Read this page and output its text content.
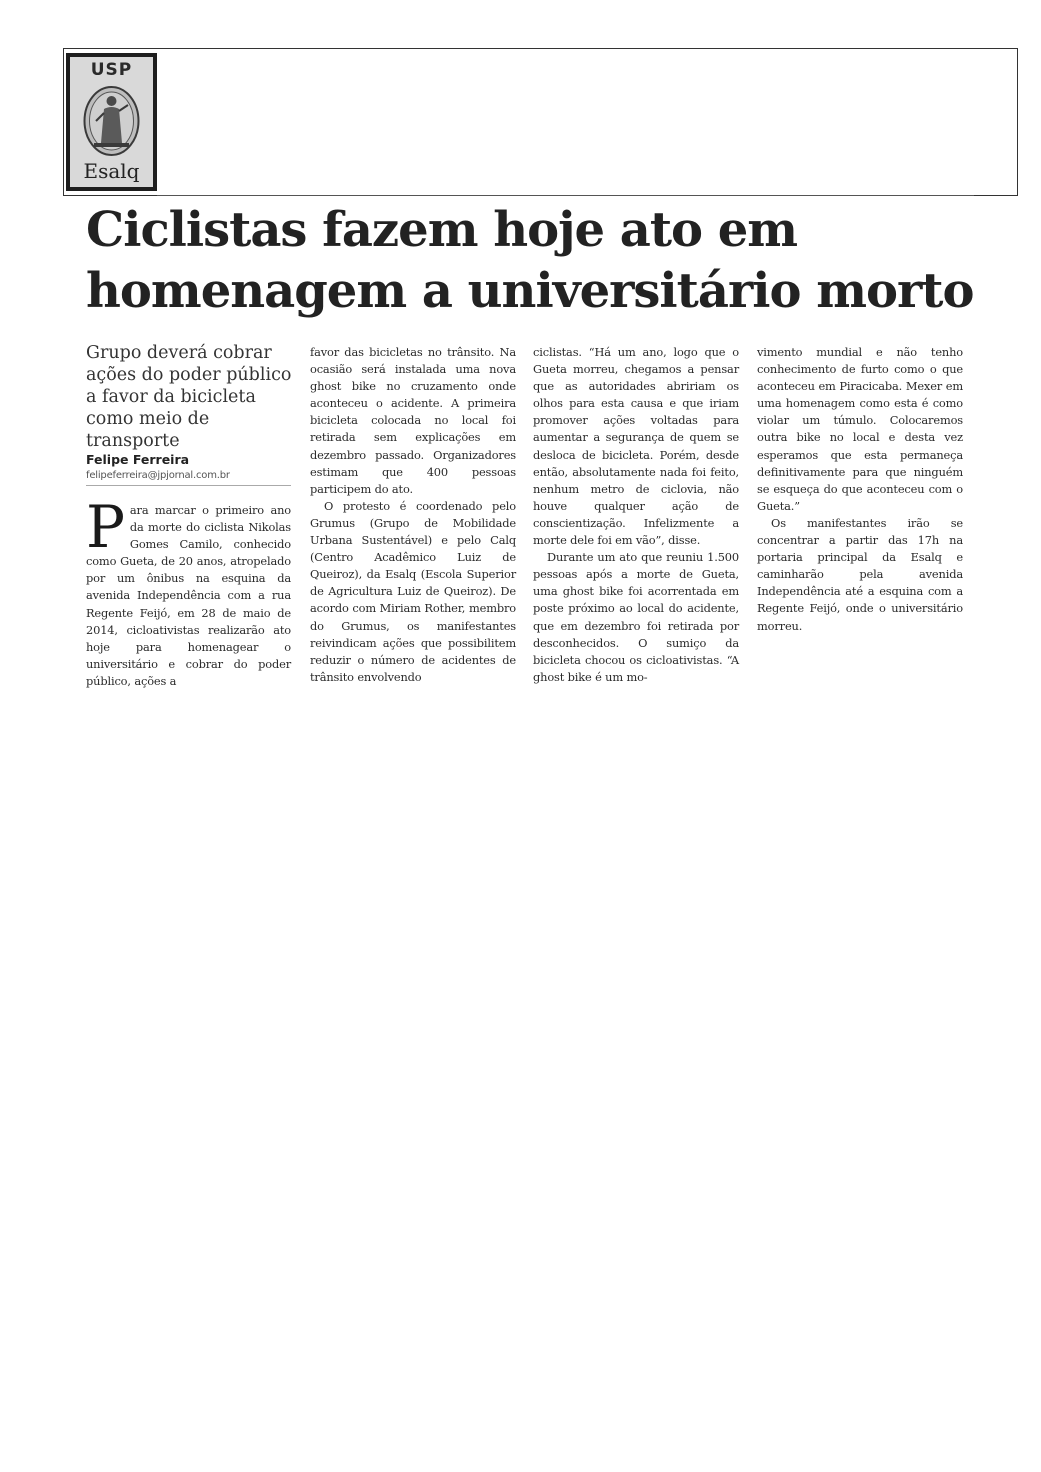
USP
Esalq
Ciclistas fazem hoje ato em homenagem a universitário morto

Grupo deverá cobrar ações do poder público a favor da bicicleta como meio de transporte

Felipe Ferreira
felipeferreira@jpjornal.com.br

Para marcar o primeiro ano da morte do ciclista Nikolas Gomes Camilo, conhecido como Gueta, de 20 anos, atropelado por um ônibus na esquina da avenida Independência com a rua Regente Feijó, em 28 de maio de 2014, cicloativistas realizarão ato hoje para homenagear o universitário e cobrar do poder público, ações a

favor das bicicletas no trânsito. Na ocasião será instalada uma nova ghost bike no cruzamento onde aconteceu o acidente. A primeira bicicleta colocada no local foi retirada sem explicações em dezembro passado. Organizadores estimam que 400 pessoas participem do ato.

O protesto é coordenado pelo Grumus (Grupo de Mobilidade Urbana Sustentável) e pelo Calq (Centro Acadêmico Luiz de Queiroz), da Esalq (Escola Superior de Agricultura Luiz de Queiroz). De acordo com Miriam Rother, membro do Grumus, os manifestantes reivindicam ações que possibilitem reduzir o número de acidentes de trânsito envolvendo

ciclistas. “Há um ano, logo que o Gueta morreu, chegamos a pensar que as autoridades abririam os olhos para esta causa e que iriam promover ações voltadas para aumentar a segurança de quem se desloca de bicicleta. Porém, desde então, absolutamente nada foi feito, nenhum metro de ciclovia, não houve qualquer ação de conscientização. Infelizmente a morte dele foi em vão”, disse.

Durante um ato que reuniu 1.500 pessoas após a morte de Gueta, uma ghost bike foi acorrentada em poste próximo ao local do acidente, que em dezembro foi retirada por desconhecidos. O sumiço da bicicleta chocou os cicloativistas. “A ghost bike é um mo-

vimento mundial e não tenho conhecimento de furto como o que aconteceu em Piracicaba. Mexer em uma homenagem como esta é como violar um túmulo. Colocaremos outra bike no local e desta vez esperamos que esta permaneça definitivamente para que ninguém se esqueça do que aconteceu com o Gueta.”

Os manifestantes irão se concentrar a partir das 17h na portaria principal da Esalq e caminharão pela avenida Independência até a esquina com a Regente Feijó, onde o universitário morreu.
